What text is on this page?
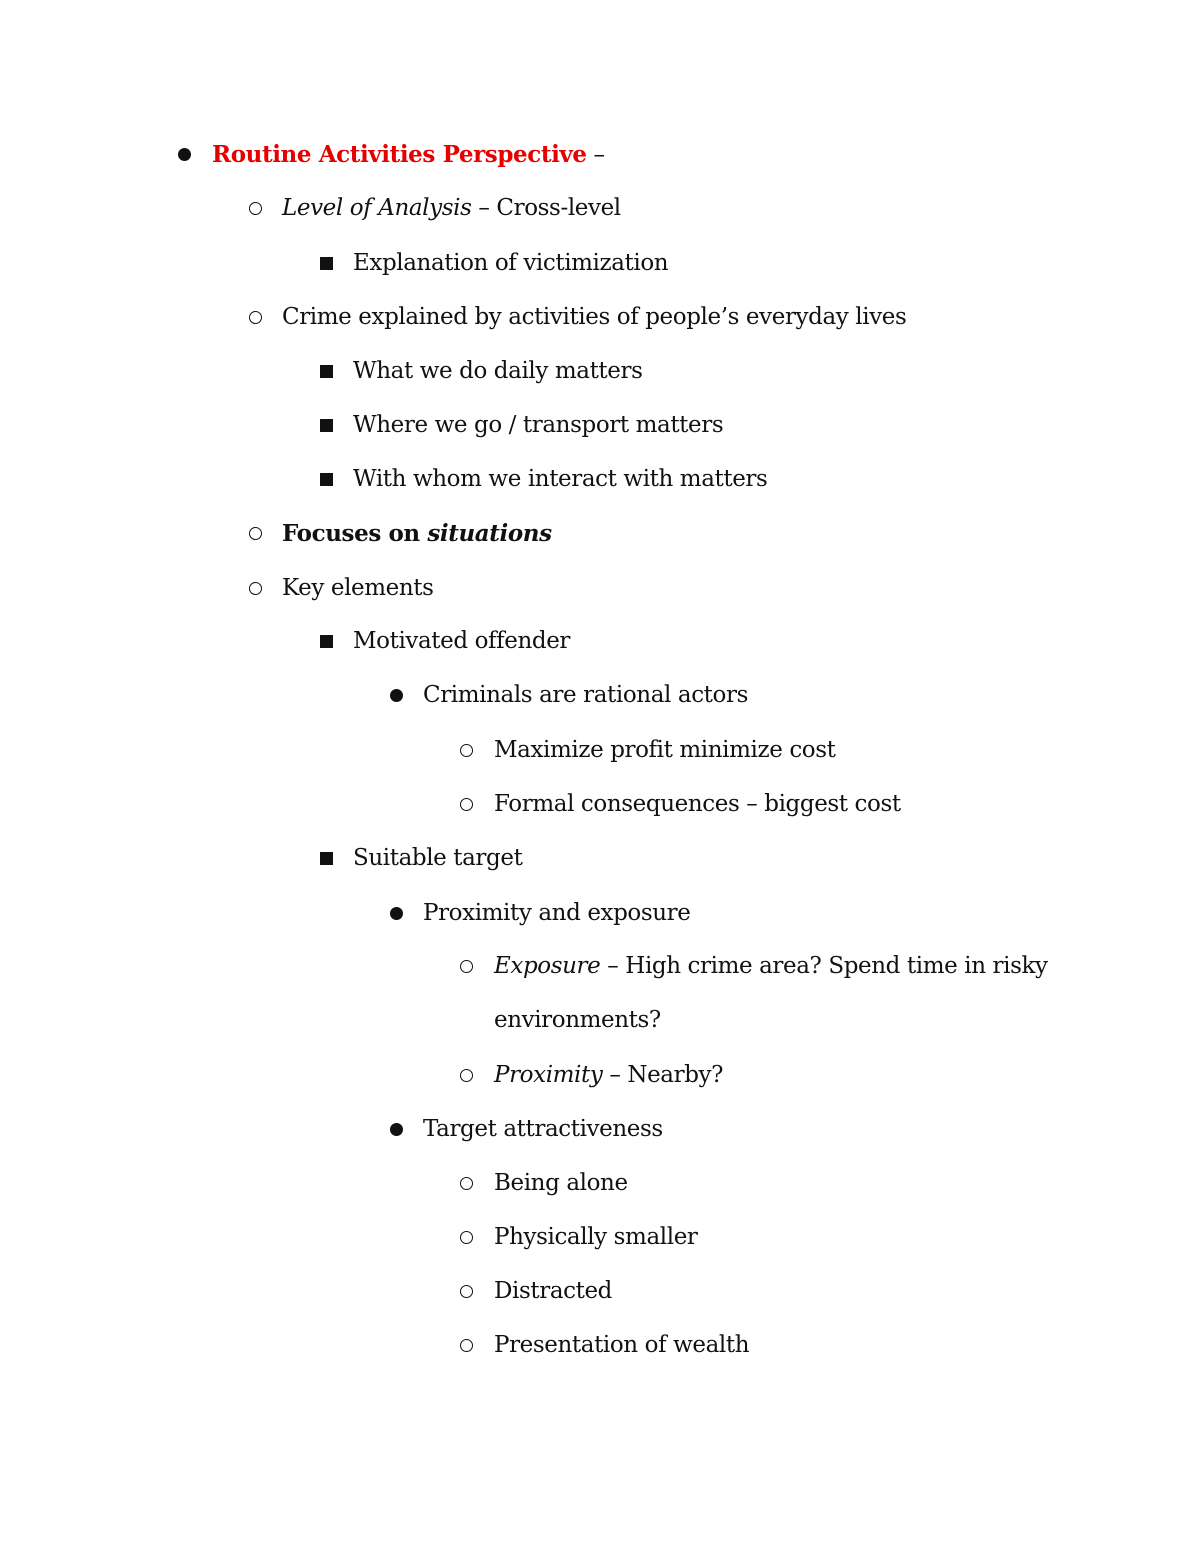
Routine Activities Perspective –
Level of Analysis – Cross-level
Explanation of victimization
Crime explained by activities of people’s everyday lives
What we do daily matters
Where we go / transport matters
With whom we interact with matters
Focuses on situations
Key elements
Motivated offender
Criminals are rational actors
Maximize profit minimize cost
Formal consequences – biggest cost
Suitable target
Proximity and exposure
Exposure – High crime area? Spend time in risky
environments?
Proximity – Nearby?
Target attractiveness
Being alone
Physically smaller
Distracted
Presentation of wealth
